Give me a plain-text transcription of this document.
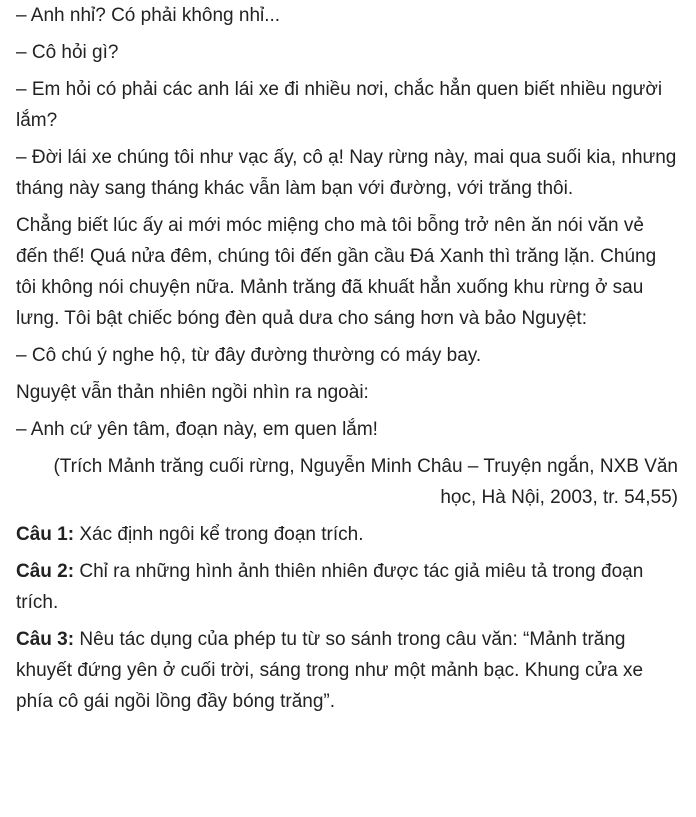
– Anh nhỉ? Có phải không nhỉ...

– Cô hỏi gì?

– Em hỏi có phải các anh lái xe đi nhiều nơi, chắc hẳn quen biết nhiều người lắm?

– Đời lái xe chúng tôi như vạc ấy, cô ạ! Nay rừng này, mai qua suối kia, nhưng tháng này sang tháng khác vẫn làm bạn với đường, với trăng thôi.

Chẳng biết lúc ấy ai mới móc miệng cho mà tôi bỗng trở nên ăn nói văn vẻ đến thế! Quá nửa đêm, chúng tôi đến gần cầu Đá Xanh thì trăng lặn. Chúng tôi không nói chuyện nữa. Mảnh trăng đã khuất hẳn xuống khu rừng ở sau lưng. Tôi bật chiếc bóng đèn quả dưa cho sáng hơn và bảo Nguyệt:

– Cô chú ý nghe hộ, từ đây đường thường có máy bay.

Nguyệt vẫn thản nhiên ngồi nhìn ra ngoài:

– Anh cứ yên tâm, đoạn này, em quen lắm!

(Trích Mảnh trăng cuối rừng, Nguyễn Minh Châu – Truyện ngắn, NXB Văn học, Hà Nội, 2003, tr. 54,55)

Câu 1: Xác định ngôi kể trong đoạn trích.

Câu 2: Chỉ ra những hình ảnh thiên nhiên được tác giả miêu tả trong đoạn trích.

Câu 3: Nêu tác dụng của phép tu từ so sánh trong câu văn: “Mảnh trăng khuyết đứng yên ở cuối trời, sáng trong như một mảnh bạc. Khung cửa xe phía cô gái ngồi lồng đầy bóng trăng”.
